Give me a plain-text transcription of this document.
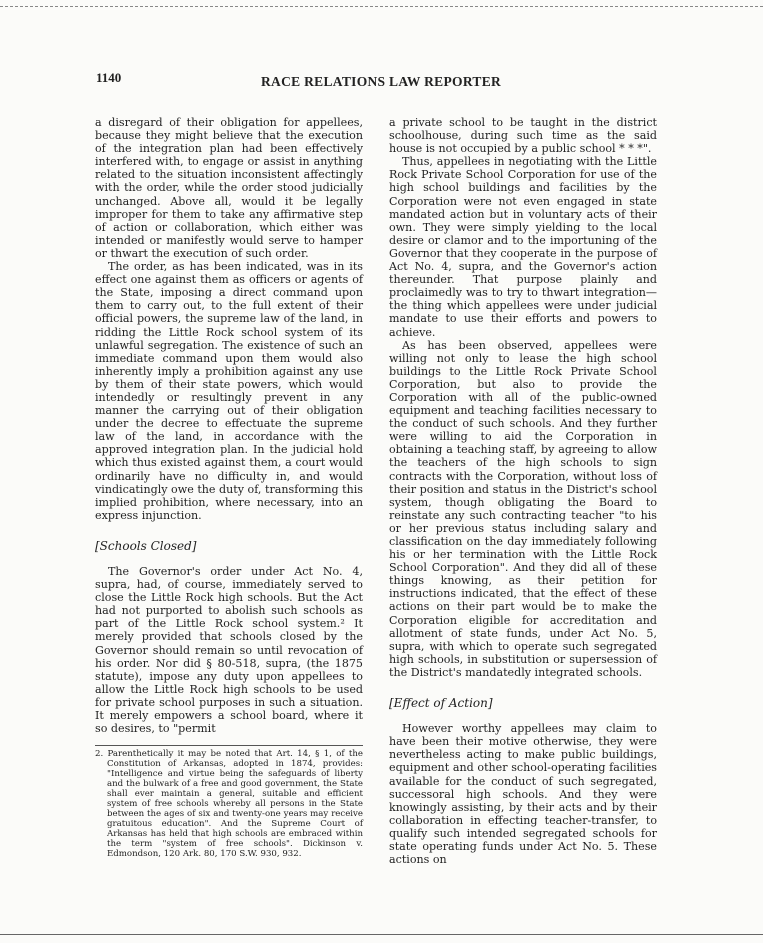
1140	RACE RELATIONS LAW REPORTER

a disregard of their obligation for appellees, because they might believe that the execution of the integration plan had been effectively interfered with, to engage or assist in anything related to the situation inconsistent affectingly with the order, while the order stood judicially unchanged. Above all, would it be legally improper for them to take any affirmative step of action or collaboration, which either was intended or manifestly would serve to hamper or thwart the execution of such order.

The order, as has been indicated, was in its effect one against them as officers or agents of the State, imposing a direct command upon them to carry out, to the full extent of their official powers, the supreme law of the land, in ridding the Little Rock school system of its unlawful segregation. The existence of such an immediate command upon them would also inherently imply a prohibition against any use by them of their state powers, which would intendedly or resultingly prevent in any manner the carrying out of their obligation under the decree to effectuate the supreme law of the land, in accordance with the approved integration plan. In the judicial hold which thus existed against them, a court would ordinarily have no difficulty in, and would vindicatingly owe the duty of, transforming this implied prohibition, where necessary, into an express injunction.

[Schools Closed]

The Governor's order under Act No. 4, supra, had, of course, immediately served to close the Little Rock high schools. But the Act had not purported to abolish such schools as part of the Little Rock school system.² It merely provided that schools closed by the Governor should remain so until revocation of his order. Nor did § 80-518, supra, (the 1875 statute), impose any duty upon appellees to allow the Little Rock high schools to be used for private school purposes in such a situation. It merely empowers a school board, where it so desires, to "permit

2. Parenthetically it may be noted that Art. 14, § 1, of the Constitution of Arkansas, adopted in 1874, provides: "Intelligence and virtue being the safeguards of liberty and the bulwark of a free and good government, the State shall ever maintain a general, suitable and efficient system of free schools whereby all persons in the State between the ages of six and twenty-one years may receive gratuitous education". And the Supreme Court of Arkansas has held that high schools are embraced within the term "system of free schools". Dickinson v. Edmondson, 120 Ark. 80, 170 S.W. 930, 932.

a private school to be taught in the district schoolhouse, during such time as the said house is not occupied by a public school * * *".

Thus, appellees in negotiating with the Little Rock Private School Corporation for use of the high school buildings and facilities by the Corporation were not even engaged in state mandated action but in voluntary acts of their own. They were simply yielding to the local desire or clamor and to the importuning of the Governor that they cooperate in the purpose of Act No. 4, supra, and the Governor's action thereunder. That purpose plainly and proclaimedly was to try to thwart integration—the thing which appellees were under judicial mandate to use their efforts and powers to achieve.

As has been observed, appellees were willing not only to lease the high school buildings to the Little Rock Private School Corporation, but also to provide the Corporation with all of the public-owned equipment and teaching facilities necessary to the conduct of such schools. And they further were willing to aid the Corporation in obtaining a teaching staff, by agreeing to allow the teachers of the high schools to sign contracts with the Corporation, without loss of their position and status in the District's school system, though obligating the Board to reinstate any such contracting teacher "to his or her previous status including salary and classification on the day immediately following his or her termination with the Little Rock School Corporation". And they did all of these things knowing, as their petition for instructions indicated, that the effect of these actions on their part would be to make the Corporation eligible for accreditation and allotment of state funds, under Act No. 5, supra, with which to operate such segregated high schools, in substitution or supersession of the District's mandatedly integrated schools.

[Effect of Action]

However worthy appellees may claim to have been their motive otherwise, they were nevertheless acting to make public buildings, equipment and other school-operating facilities available for the conduct of such segregated, successoral high schools. And they were knowingly assisting, by their acts and by their collaboration in effecting teacher-transfer, to qualify such intended segregated schools for state operating funds under Act No. 5. These actions on
